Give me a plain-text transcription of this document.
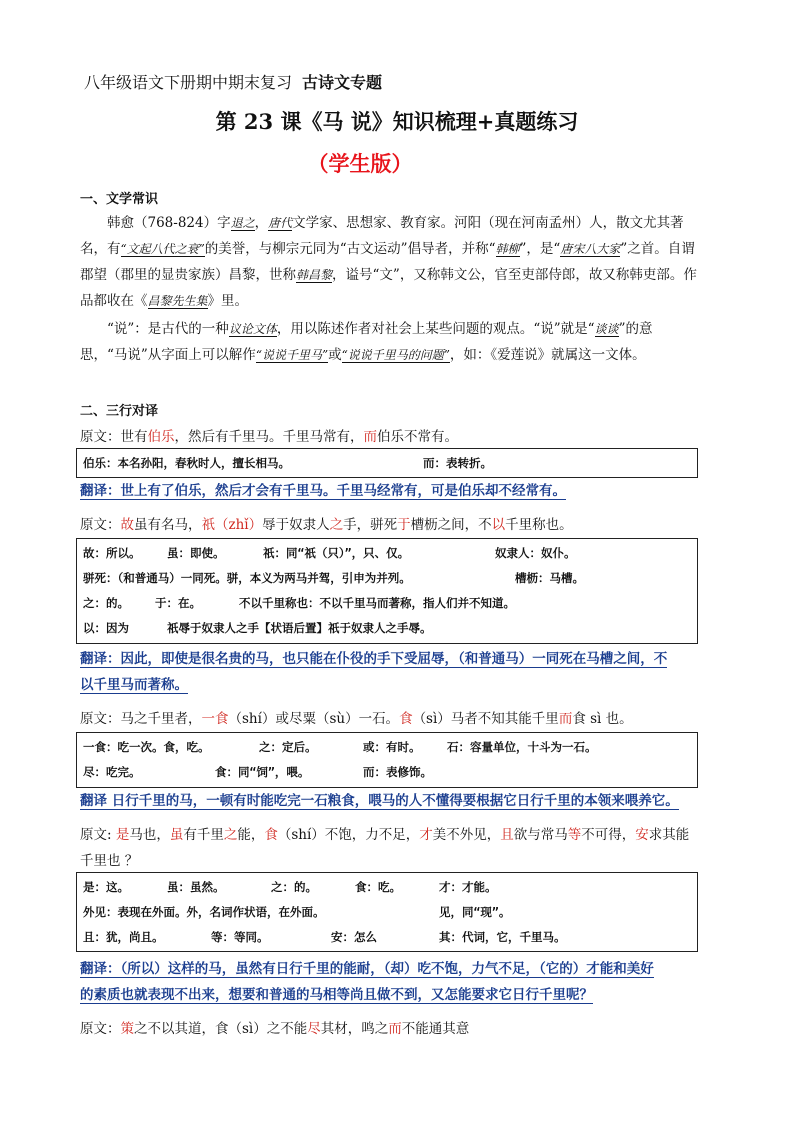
八年级语文下册期中期末复习 古诗文专题
第 23 课《马 说》知识梳理+真题练习
（学生版）
一、文学常识
韩愈（768-824）字退之，唐代文学家、思想家、教育家。河阳（现在河南孟州）人，散文尤其著名，有“文起八代之衰”的美誉，与柳宗元同为“古文运动”倡导者，并称“韩柳”，是“唐宋八大家”之首。自谓郡望（郡里的显贵家族）昌黎，世称韩昌黎，谥号“文”，又称韩文公，官至吏部侍郎，故又称韩吏部。作品都收在《昌黎先生集》里。
“说”：是古代的一种议论文体，用以陈述作者对社会上某些问题的观点。“说”就是“谈谈”的意思，“马说”从字面上可以解作“说说千里马”或“说说千里马的问题”，如：《爱莲说》就属这一文体。
二、三行对译
原文：世有伯乐，然后有千里马。千里马常有，而伯乐不常有。
伯乐：本名孙阳，春秋时人，擅长相马。	而：表转折。
翻译：世上有了伯乐，然后才会有千里马。千里马经常有，可是伯乐却不经常有。
原文：故虽有名马，祇（zhǐ）辱于奴隶人之手，骈死于槽枥之间，不以千里称也。
故：所以。 虽：即使。	祇：同“祇（只）”，只、仅。	奴隶人：奴仆。
骈死：（和普通马）一同死。骈，本义为两马并驾，引申为并列。	槽枥：马槽。
之：的。 于：在。	不以千里称也：不以千里马而著称，指人们并不知道。
以：因为	祇辱于奴隶人之手【状语后置】祇于奴隶人之手辱。
翻译：因此，即使是很名贵的马，也只能在仆役的手下受屈辱，（和普通马）一同死在马槽之间，不
以千里马而著称。
原文：马之千里者，一食（shí）或尽粟（sù）一石。食（sì）马者不知其能千里而食 sì 也。
一食：吃一次。食，吃。	之：定后。	或：有时。 石：容量单位，十斗为一石。
尽：吃完。	食：同“饲”，喂。	而：表修饰。
翻译 日行千里的马，一顿有时能吃完一石粮食，喂马的人不懂得要根据它日行千里的本领来喂养它。
原文: 是马也，虽有千里之能，食（shí）不饱，力不足，才美不外见，且欲与常马等不可得，安求其能千里也 ？
是：这。	虽：虽然。	之：的。	食：吃。	才：才能。
外见：表现在外面。外，名词作状语，在外面。	见，同“现”。
且：犹，尚且。	等：等同。	安：怎么	其：代词，它，千里马。
翻译：（所以）这样的马，虽然有日行千里的能耐，（却）吃不饱，力气不足，（它的）才能和美好
的素质也就表现不出来，想要和普通的马相等尚且做不到，又怎能要求它日行千里呢？
原文：策之不以其道，食（sì）之不能尽其材，鸣之而不能通其意
